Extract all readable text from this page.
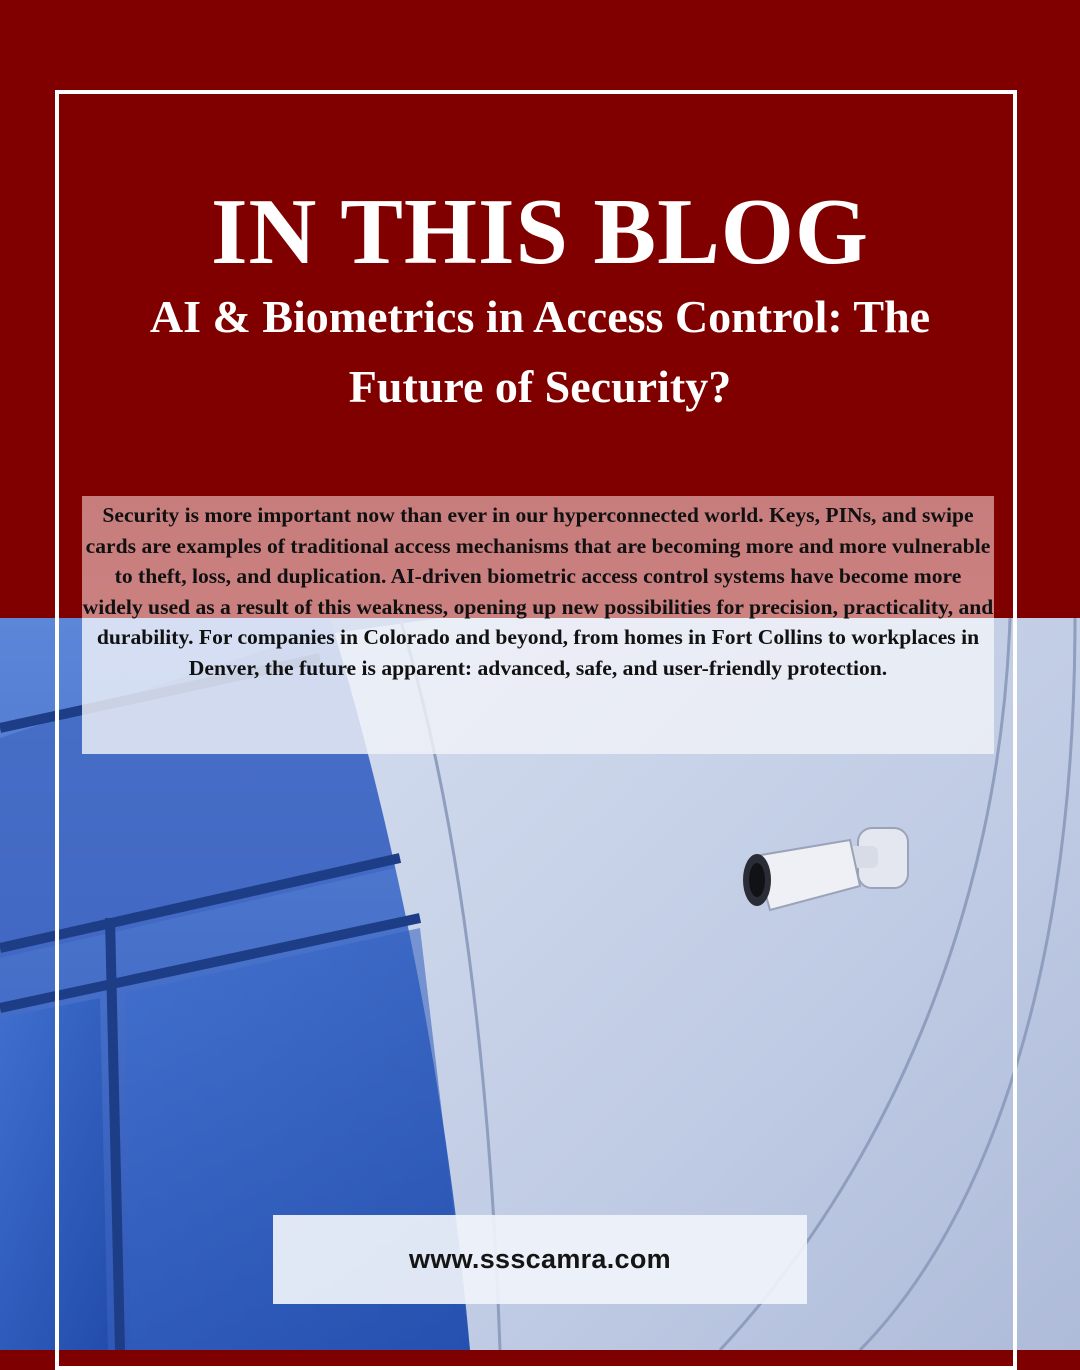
IN THIS BLOG
AI & Biometrics in Access Control: The Future of Security?

Security is more important now than ever in our hyperconnected world. Keys, PINs, and swipe cards are examples of traditional access mechanisms that are becoming more and more vulnerable to theft, loss, and duplication. AI-driven biometric access control systems have become more widely used as a result of this weakness, opening up new possibilities for precision, practicality, and durability. For companies in Colorado and beyond, from homes in Fort Collins to workplaces in Denver, the future is apparent: advanced, safe, and user-friendly protection.

www.ssscamra.com
